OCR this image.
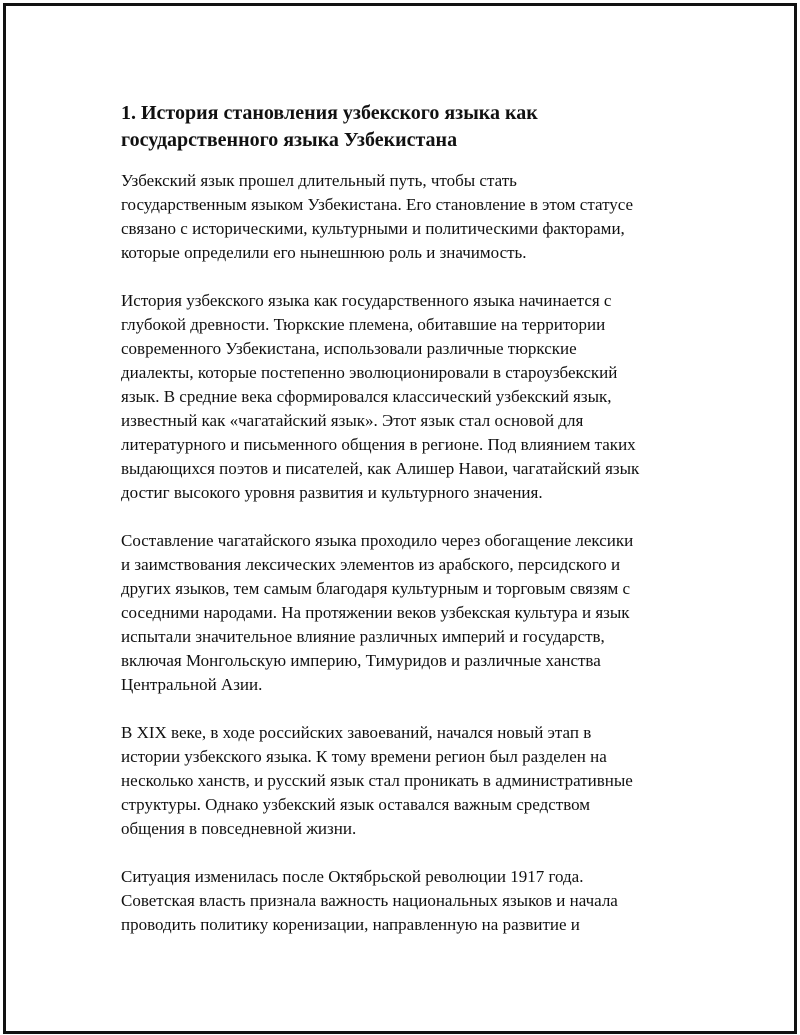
1. История становления узбекского языка как
государственного языка Узбекистана

Узбекский язык прошел длительный путь, чтобы стать
государственным языком Узбекистана. Его становление в этом статусе
связано с историческими, культурными и политическими факторами,
которые определили его нынешнюю роль и значимость.

История узбекского языка как государственного языка начинается с
глубокой древности. Тюркские племена, обитавшие на территории
современного Узбекистана, использовали различные тюркские
диалекты, которые постепенно эволюционировали в староузбекский
язык. В средние века сформировался классический узбекский язык,
известный как «чагатайский язык». Этот язык стал основой для
литературного и письменного общения в регионе. Под влиянием таких
выдающихся поэтов и писателей, как Алишер Навои, чагатайский язык
достиг высокого уровня развития и культурного значения.

Составление чагатайского языка проходило через обогащение лексики
и заимствования лексических элементов из арабского, персидского и
других языков, тем самым благодаря культурным и торговым связям с
соседними народами. На протяжении веков узбекская культура и язык
испытали значительное влияние различных империй и государств,
включая Монгольскую империю, Тимуридов и различные ханства
Центральной Азии.

В XIX веке, в ходе российских завоеваний, начался новый этап в
истории узбекского языка. К тому времени регион был разделен на
несколько ханств, и русский язык стал проникать в административные
структуры. Однако узбекский язык оставался важным средством
общения в повседневной жизни.

Ситуация изменилась после Октябрьской революции 1917 года.
Советская власть признала важность национальных языков и начала
проводить политику коренизации, направленную на развитие и
